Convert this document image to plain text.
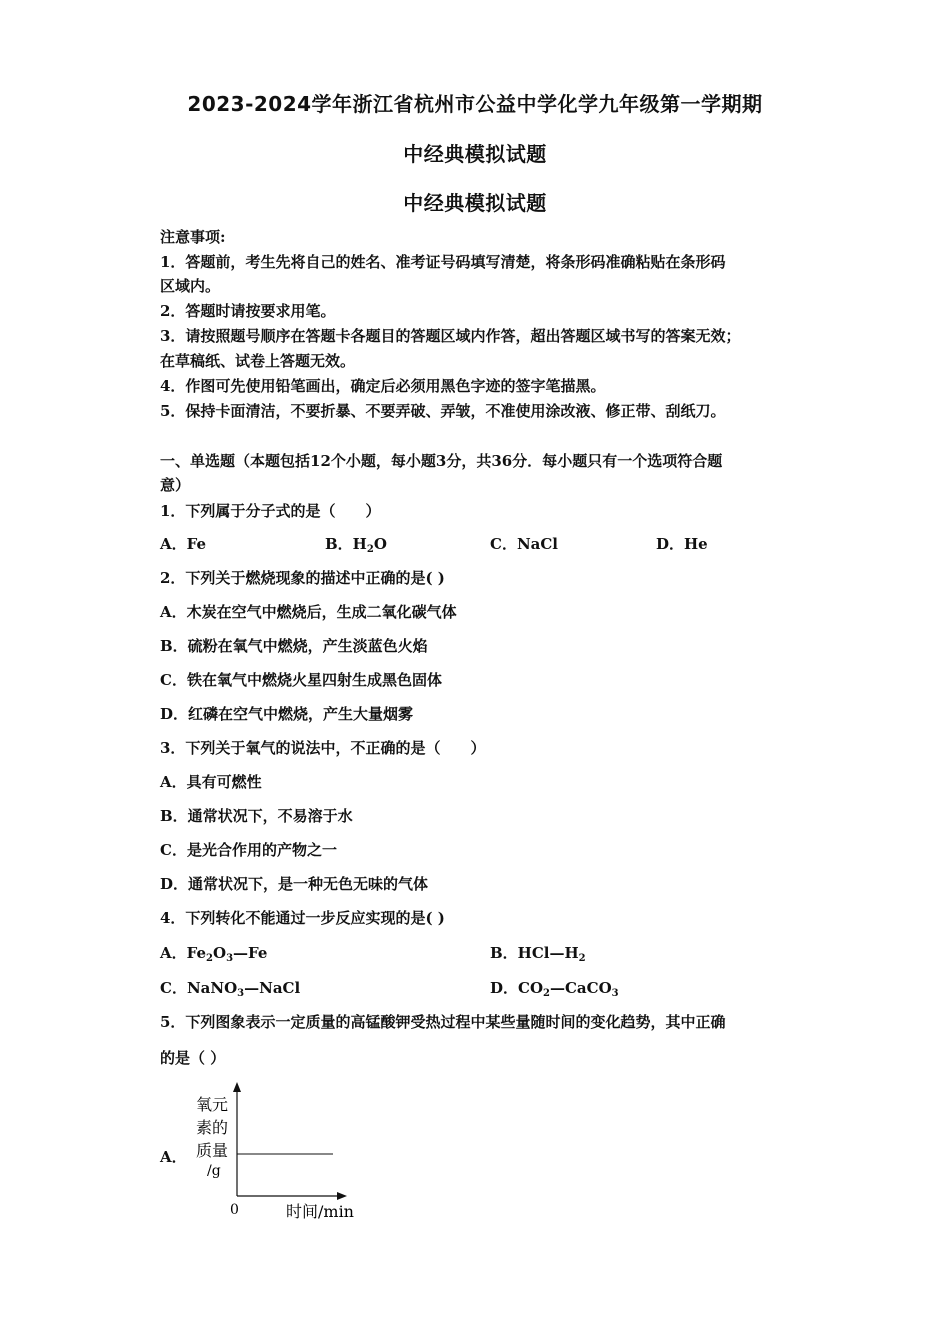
2023-2024学年浙江省杭州市公益中学化学九年级第一学期期
中经典模拟试题
中经典模拟试题
注意事项:
1．答题前，考生先将自己的姓名、准考证号码填写清楚，将条形码准确粘贴在条形码
区域内。
2．答题时请按要求用笔。
3．请按照题号顺序在答题卡各题目的答题区域内作答，超出答题区域书写的答案无效；
在草稿纸、试卷上答题无效。
4．作图可先使用铅笔画出，确定后必须用黑色字迹的签字笔描黑。
5．保持卡面清洁，不要折暴、不要弄破、弄皱，不准使用涂改液、修正带、刮纸刀。
一、单选题（本题包括12个小题，每小题3分，共36分．每小题只有一个选项符合题
意）
1．下列属于分子式的是（　　）
A．Fe	B．$H_2O$	C．NaCl	D．He
2．下列关于燃烧现象的描述中正确的是( )
A．木炭在空气中燃烧后，生成二氧化碳气体
B．硫粉在氧气中燃烧，产生淡蓝色火焰
C．铁在氧气中燃烧火星四射生成黑色固体
D．红磷在空气中燃烧，产生大量烟雾
3．下列关于氧气的说法中，不正确的是（　　）
A．具有可燃性
B．通常状况下，不易溶于水
C．是光合作用的产物之一
D．通常状况下，是一种无色无味的气体
4．下列转化不能通过一步反应实现的是( )
A．$Fe_2O_3—Fe$	B．$HCl—H_2$
C．NaNO$_3$—NaCl	D．$CO_2—CaCO_3$
5．下列图象表示一定质量的高锰酸钾受热过程中某些量随时间的变化趋势，其中正确
的是（ ）
A．
氧元
素的
质量
/g
0	时间/min
